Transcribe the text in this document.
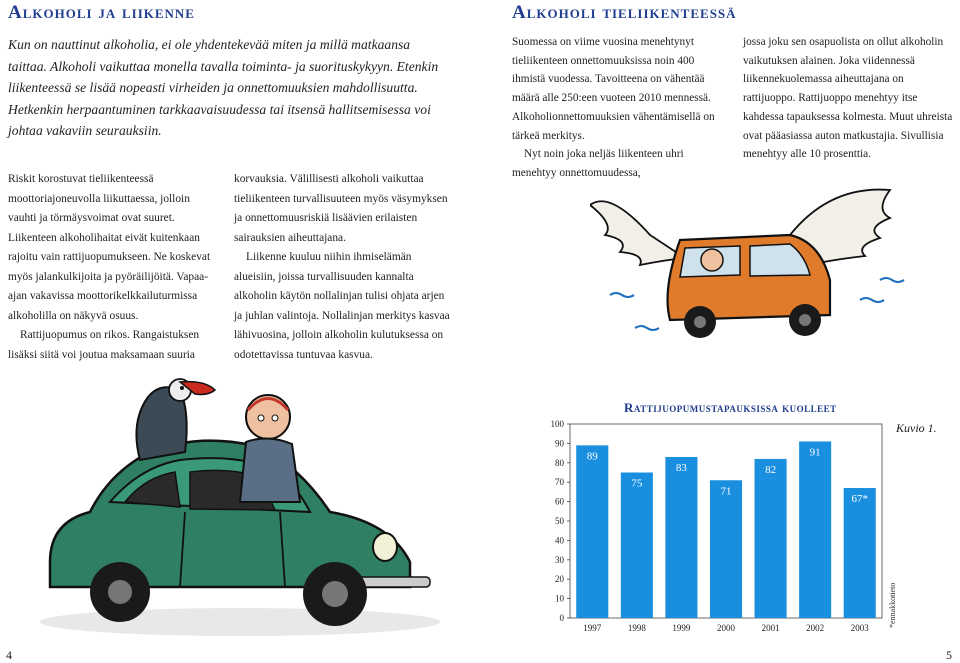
Alkoholi ja liikenne

Kun on nauttinut alkoholia, ei ole yhdentekevää miten ja millä matkaansa taittaa. Alkoholi vaikuttaa monella tavalla toiminta- ja suorituskykyyn. Etenkin liikenteessä se lisää nopeasti virheiden ja onnettomuuksien mahdollisuutta. Hetkenkin herpaantuminen tarkkaavaisuudessa tai itsensä hallitsemisessa voi johtaa vakaviin seurauksiin.

Riskit korostuvat tieliikenteessä moottoriajoneuvolla liikuttaessa, jolloin vauhti ja törmäysvoimat ovat suuret. Liikenteen alkoholihaitat eivät kuitenkaan rajoitu vain rattijuopumukseen. Ne koskevat myös jalankulkijoita ja pyöräilijöitä. Vapaa-ajan vakavissa moottorikelkkailuturmissa alkoholilla on näkyvä osuus.

Rattijuopumus on rikos. Rangaistuksen lisäksi siitä voi joutua maksamaan suuria

korvauksia. Välillisesti alkoholi vaikuttaa tieliikenteen turvallisuuteen myös väsymyksen ja onnettomuusriskiä lisäävien erilaisten sairauksien aiheuttajana.

Liikenne kuuluu niihin ihmiselämän alueisiin, joissa turvallisuuden kannalta alkoholin käytön nollalinjan tulisi ohjata arjen ja juhlan valintoja. Nollalinjan merkitys kasvaa lähivuosina, jolloin alkoholin kulutuksessa on odotettavissa tuntuvaa kasvua.

4
Alkoholi tieliikenteessä

Suomessa on viime vuosina menehtynyt tieliikenteen onnettomuuksissa noin 400 ihmistä vuodessa. Tavoitteena on vähentää määrä alle 250:een vuoteen 2010 mennessä. Alkoholionnettomuuksien vähentämisellä on tärkeä merkitys.

Nyt noin joka neljäs liikenteen uhri menehtyy onnettomuudessa,

jossa joku sen osapuolista on ollut alkoholin vaikutuksen alainen. Joka viidennessä liikennekuolemassa aiheuttajana on rattijuoppo. Rattijuoppo menehtyy itse kahdessa tapauksessa kolmesta. Muut uhreista ovat pääasiassa auton matkustajia. Sivullisia menehtyy alle 10 prosenttia.

Rattijuopumustapauksissa kuolleet
Kuvio 1.
0
10
20
30
40
50
60
70
80
90
100
1997	1998	1999	2000	2001	2002	2003
89
75
83
71
82
91
67*
*ennakkotieto
5
